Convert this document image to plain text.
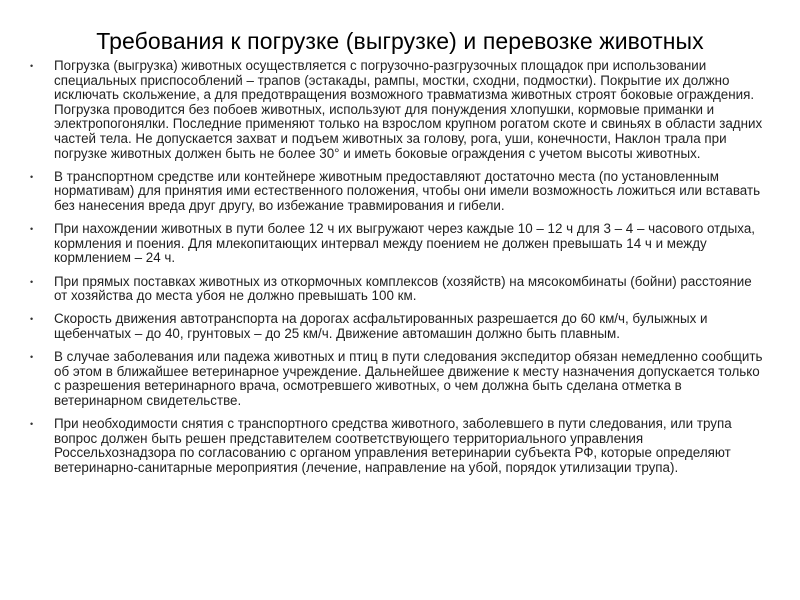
Требования к погрузке (выгрузке) и перевозке животных
• Погрузка (выгрузка) животных осуществляется с погрузочно-разгрузочных площадок при использовании специальных приспособлений – трапов (эстакады, рампы, мостки, сходни, подмостки). Покрытие их должно исключать скольжение, а для предотвращения возможного травматизма животных строят боковые ограждения. Погрузка проводится без побоев животных, используют для понуждения хлопушки, кормовые приманки и электропогонялки. Последние применяют только на взрослом крупном рогатом скоте и свиньях в области задних частей тела. Не допускается захват и подъем животных за голову, рога, уши, конечности, Наклон трала при погрузке животных должен быть не более 30° и иметь боковые ограждения с учетом высоты животных.
• В транспортном средстве или контейнере животным предоставляют достаточно места (по установленным нормативам) для принятия ими естественного положения, чтобы они имели возможность ложиться или вставать без нанесения вреда друг другу, во избежание травмирования и гибели.
• При нахождении животных в пути более 12 ч их выгружают через каждые 10 – 12 ч для 3 – 4 – часового отдыха, кормления и поения. Для млекопитающих интервал между поением не должен превышать 14 ч и между кормлением – 24 ч.
• При прямых поставках животных из откормочных комплексов (хозяйств) на мясокомбинаты (бойни) расстояние от хозяйства до места убоя не должно превышать 100 км.
• Скорость движения автотранспорта на дорогах асфальтированных разрешается до 60 км/ч, булыжных и щебенчатых – до 40, грунтовых – до 25 км/ч. Движение автомашин должно быть плавным.
• В случае заболевания или падежа животных и птиц в пути следования экспедитор обязан немедленно сообщить об этом в ближайшее ветеринарное учреждение. Дальнейшее движение к месту назначения допускается только с разрешения ветеринарного врача, осмотревшего животных, о чем должна быть сделана отметка в ветеринарном свидетельстве.
• При необходимости снятия с транспортного средства животного, заболевшего в пути следования, или трупа вопрос должен быть решен представителем соответствующего территориального управления Россельхознадзора по согласованию с органом управления ветеринарии субъекта РФ, которые определяют ветеринарно-санитарные мероприятия (лечение, направление на убой, порядок утилизации трупа).
